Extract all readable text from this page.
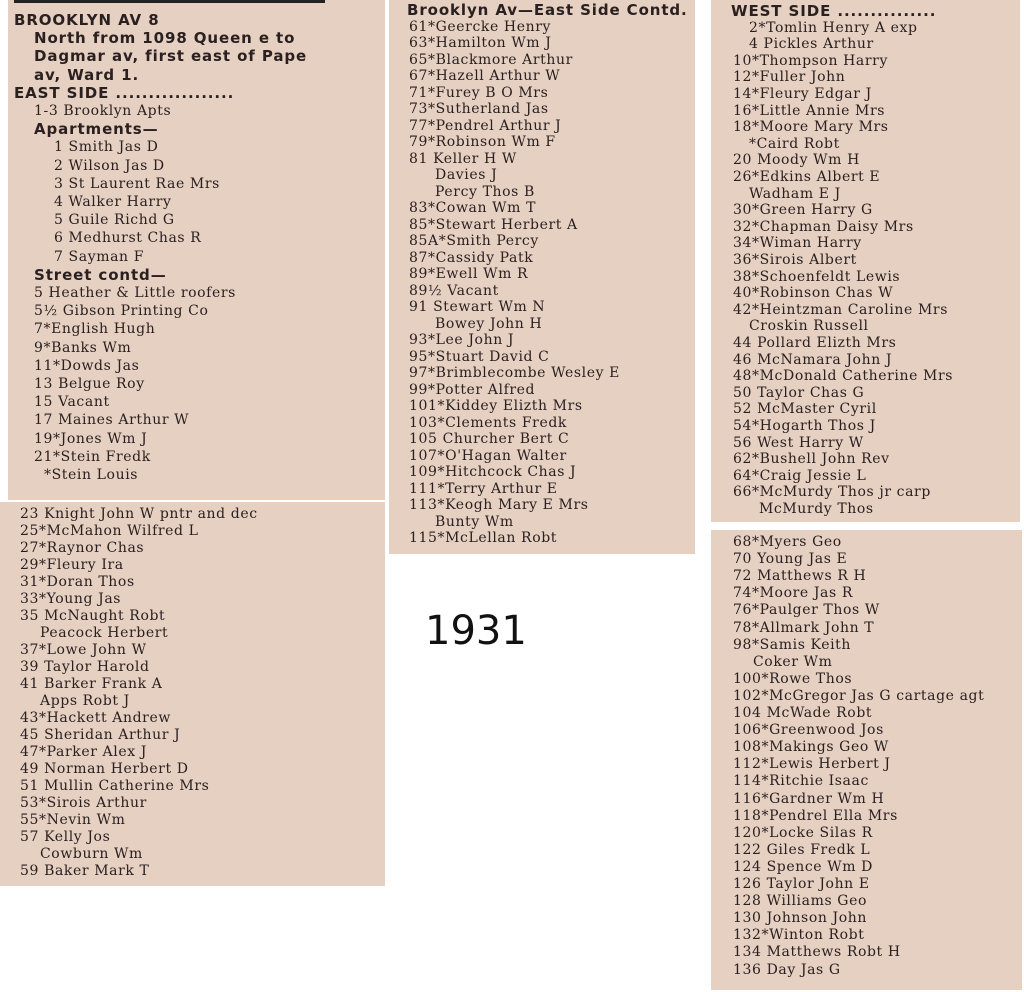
BROOKLYN AV 8
North from 1098 Queen e to
Dagmar av, first east of Pape
av, Ward 1.
EAST SIDE ..................
1-3 Brooklyn Apts
Apartments—
1 Smith Jas D
2 Wilson Jas D
3 St Laurent Rae Mrs
4 Walker Harry
5 Guile Richd G
6 Medhurst Chas R
7 Sayman F
Street contd—
5 Heather & Little roofers
5½ Gibson Printing Co
7*English Hugh
9*Banks Wm
11*Dowds Jas
13 Belgue Roy
15 Vacant
17 Maines Arthur W
19*Jones Wm J
21*Stein Fredk
*Stein Louis
23 Knight John W pntr and dec
25*McMahon Wilfred L
27*Raynor Chas
29*Fleury Ira
31*Doran Thos
33*Young Jas
35 McNaught Robt
Peacock Herbert
37*Lowe John W
39 Taylor Harold
41 Barker Frank A
Apps Robt J
43*Hackett Andrew
45 Sheridan Arthur J
47*Parker Alex J
49 Norman Herbert D
51 Mullin Catherine Mrs
53*Sirois Arthur
55*Nevin Wm
57 Kelly Jos
Cowburn Wm
59 Baker Mark T
Brooklyn Av—East Side Contd.
61*Geercke Henry
63*Hamilton Wm J
65*Blackmore Arthur
67*Hazell Arthur W
71*Furey B O Mrs
73*Sutherland Jas
77*Pendrel Arthur J
79*Robinson Wm F
81 Keller H W
Davies J
Percy Thos B
83*Cowan Wm T
85*Stewart Herbert A
85A*Smith Percy
87*Cassidy Patk
89*Ewell Wm R
89½ Vacant
91 Stewart Wm N
Bowey John H
93*Lee John J
95*Stuart David C
97*Brimblecombe Wesley E
99*Potter Alfred
101*Kiddey Elizth Mrs
103*Clements Fredk
105 Churcher Bert C
107*O'Hagan Walter
109*Hitchcock Chas J
111*Terry Arthur E
113*Keogh Mary E Mrs
Bunty Wm
115*McLellan Robt
WEST SIDE ...............
2*Tomlin Henry A exp
4 Pickles Arthur
10*Thompson Harry
12*Fuller John
14*Fleury Edgar J
16*Little Annie Mrs
18*Moore Mary Mrs
*Caird Robt
20 Moody Wm H
26*Edkins Albert E
Wadham E J
30*Green Harry G
32*Chapman Daisy Mrs
34*Wiman Harry
36*Sirois Albert
38*Schoenfeldt Lewis
40*Robinson Chas W
42*Heintzman Caroline Mrs
Croskin Russell
44 Pollard Elizth Mrs
46 McNamara John J
48*McDonald Catherine Mrs
50 Taylor Chas G
52 McMaster Cyril
54*Hogarth Thos J
56 West Harry W
62*Bushell John Rev
64*Craig Jessie L
66*McMurdy Thos jr carp
McMurdy Thos
68*Myers Geo
70 Young Jas E
72 Matthews R H
74*Moore Jas R
76*Paulger Thos W
78*Allmark John T
98*Samis Keith
Coker Wm
100*Rowe Thos
102*McGregor Jas G cartage agt
104 McWade Robt
106*Greenwood Jos
108*Makings Geo W
112*Lewis Herbert J
114*Ritchie Isaac
116*Gardner Wm H
118*Pendrel Ella Mrs
120*Locke Silas R
122 Giles Fredk L
124 Spence Wm D
126 Taylor John E
128 Williams Geo
130 Johnson John
132*Winton Robt
134 Matthews Robt H
136 Day Jas G
1931
